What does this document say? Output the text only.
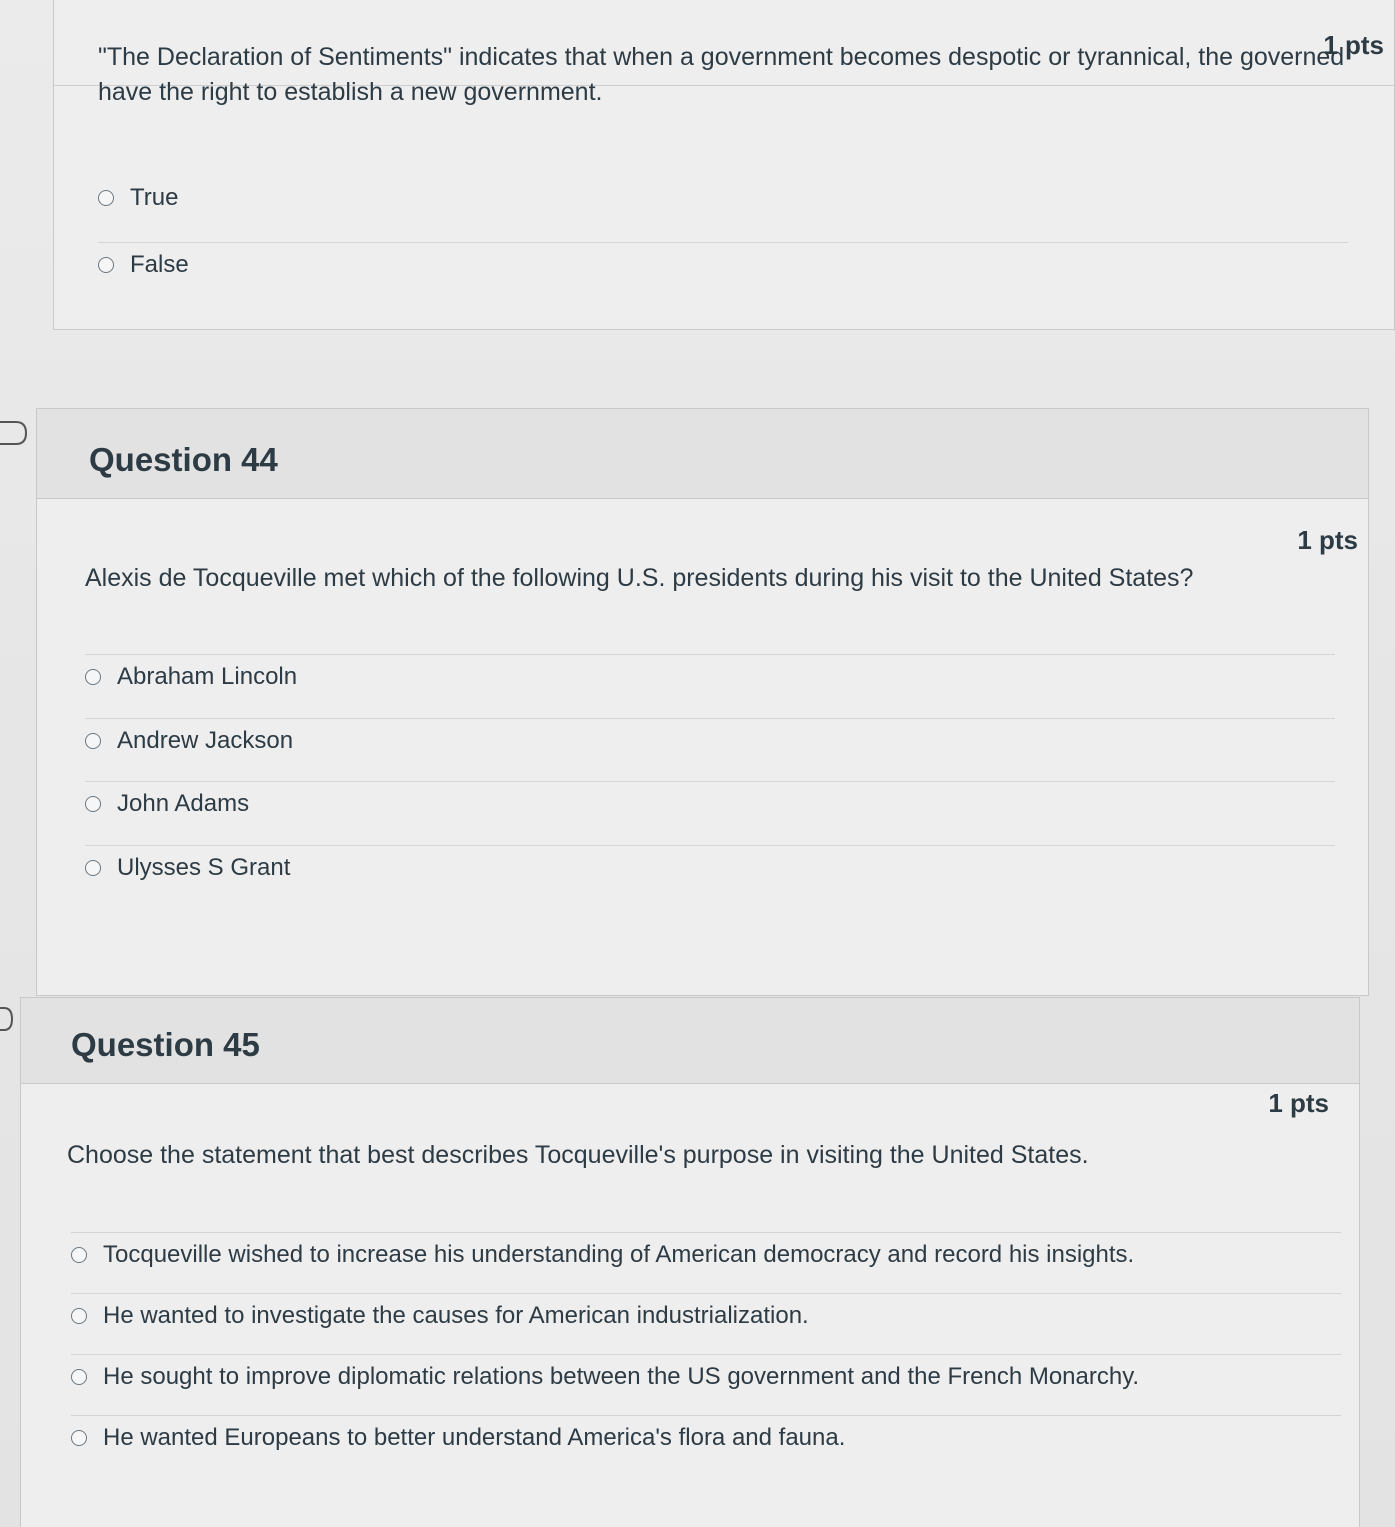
1 pts
"The Declaration of Sentiments" indicates that when a government becomes despotic or tyrannical, the governed have the right to establish a new government.
True
False
Question 44
1 pts
Alexis de Tocqueville met which of the following U.S. presidents during his visit to the United States?
Abraham Lincoln
Andrew Jackson
John Adams
Ulysses S Grant
Question 45
1 pts
Choose the statement that best describes Tocqueville's purpose in visiting the United States.
Tocqueville wished to increase his understanding of American democracy and record his insights.
He wanted to investigate the causes for American industrialization.
He sought to improve diplomatic relations between the US government and the French Monarchy.
He wanted Europeans to better understand America's flora and fauna.
